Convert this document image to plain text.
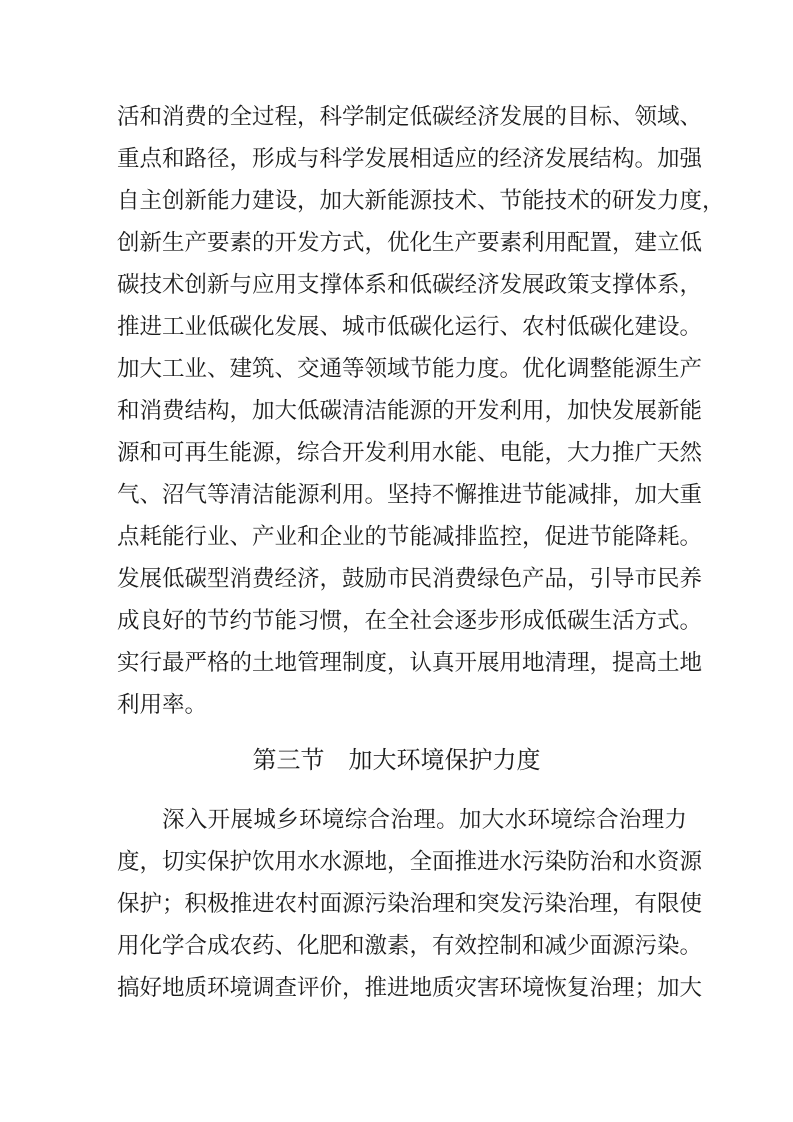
活和消费的全过程，科学制定低碳经济发展的目标、领域、
重点和路径，形成与科学发展相适应的经济发展结构。加强
自主创新能力建设，加大新能源技术、节能技术的研发力度，
创新生产要素的开发方式，优化生产要素利用配置，建立低
碳技术创新与应用支撑体系和低碳经济发展政策支撑体系，
推进工业低碳化发展、城市低碳化运行、农村低碳化建设。
加大工业、建筑、交通等领域节能力度。优化调整能源生产
和消费结构，加大低碳清洁能源的开发利用，加快发展新能
源和可再生能源，综合开发利用水能、电能，大力推广天然
气、沼气等清洁能源利用。坚持不懈推进节能减排，加大重
点耗能行业、产业和企业的节能减排监控，促进节能降耗。
发展低碳型消费经济，鼓励市民消费绿色产品，引导市民养
成良好的节约节能习惯，在全社会逐步形成低碳生活方式。
实行最严格的土地管理制度，认真开展用地清理，提高土地
利用率。
第三节　加大环境保护力度
深入开展城乡环境综合治理。加大水环境综合治理力
度，切实保护饮用水水源地，全面推进水污染防治和水资源
保护；积极推进农村面源污染治理和突发污染治理，有限使
用化学合成农药、化肥和激素，有效控制和减少面源污染。
搞好地质环境调查评价，推进地质灾害环境恢复治理；加大
